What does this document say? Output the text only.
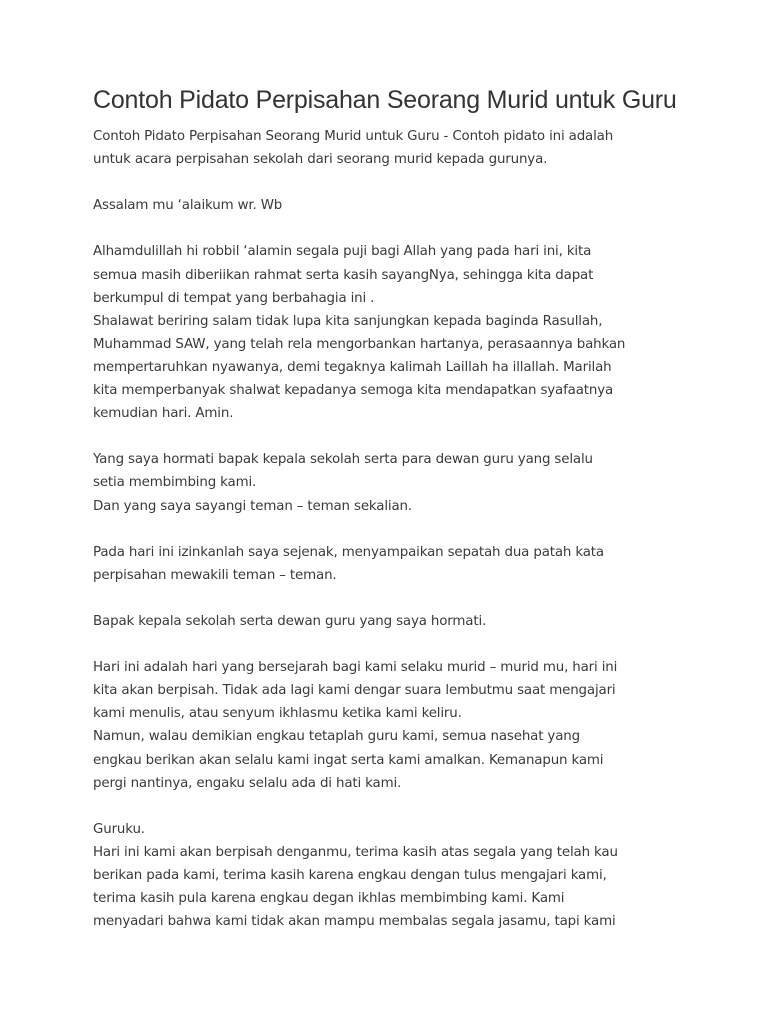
Contoh Pidato Perpisahan Seorang Murid untuk Guru
Contoh Pidato Perpisahan Seorang Murid untuk Guru - Contoh pidato ini adalah
untuk acara perpisahan sekolah dari seorang murid kepada gurunya.
Assalam mu ‘alaikum wr. Wb
Alhamdulillah hi robbil ‘alamin segala puji bagi Allah yang pada hari ini, kita
semua masih diberiikan rahmat serta kasih sayangNya, sehingga kita dapat
berkumpul di tempat yang berbahagia ini .
Shalawat beriring salam tidak lupa kita sanjungkan kepada baginda Rasullah,
Muhammad SAW, yang telah rela mengorbankan hartanya, perasaannya bahkan
mempertaruhkan nyawanya, demi tegaknya kalimah Laillah ha illallah. Marilah
kita memperbanyak shalwat kepadanya semoga kita mendapatkan syafaatnya
kemudian hari. Amin.
Yang saya hormati bapak kepala sekolah serta para dewan guru yang selalu
setia membimbing kami.
Dan yang saya sayangi teman – teman sekalian.
Pada hari ini izinkanlah saya sejenak, menyampaikan sepatah dua patah kata
perpisahan mewakili teman – teman.
Bapak kepala sekolah serta dewan guru yang saya hormati.
Hari ini adalah hari yang bersejarah bagi kami selaku murid – murid mu, hari ini
kita akan berpisah. Tidak ada lagi kami dengar suara lembutmu saat mengajari
kami menulis, atau senyum ikhlasmu ketika kami keliru.
Namun, walau demikian engkau tetaplah guru kami, semua nasehat yang
engkau berikan akan selalu kami ingat serta kami amalkan. Kemanapun kami
pergi nantinya, engaku selalu ada di hati kami.
Guruku.
Hari ini kami akan berpisah denganmu, terima kasih atas segala yang telah kau
berikan pada kami, terima kasih karena engkau dengan tulus mengajari kami,
terima kasih pula karena engkau degan ikhlas membimbing kami. Kami
menyadari bahwa kami tidak akan mampu membalas segala jasamu, tapi kami
